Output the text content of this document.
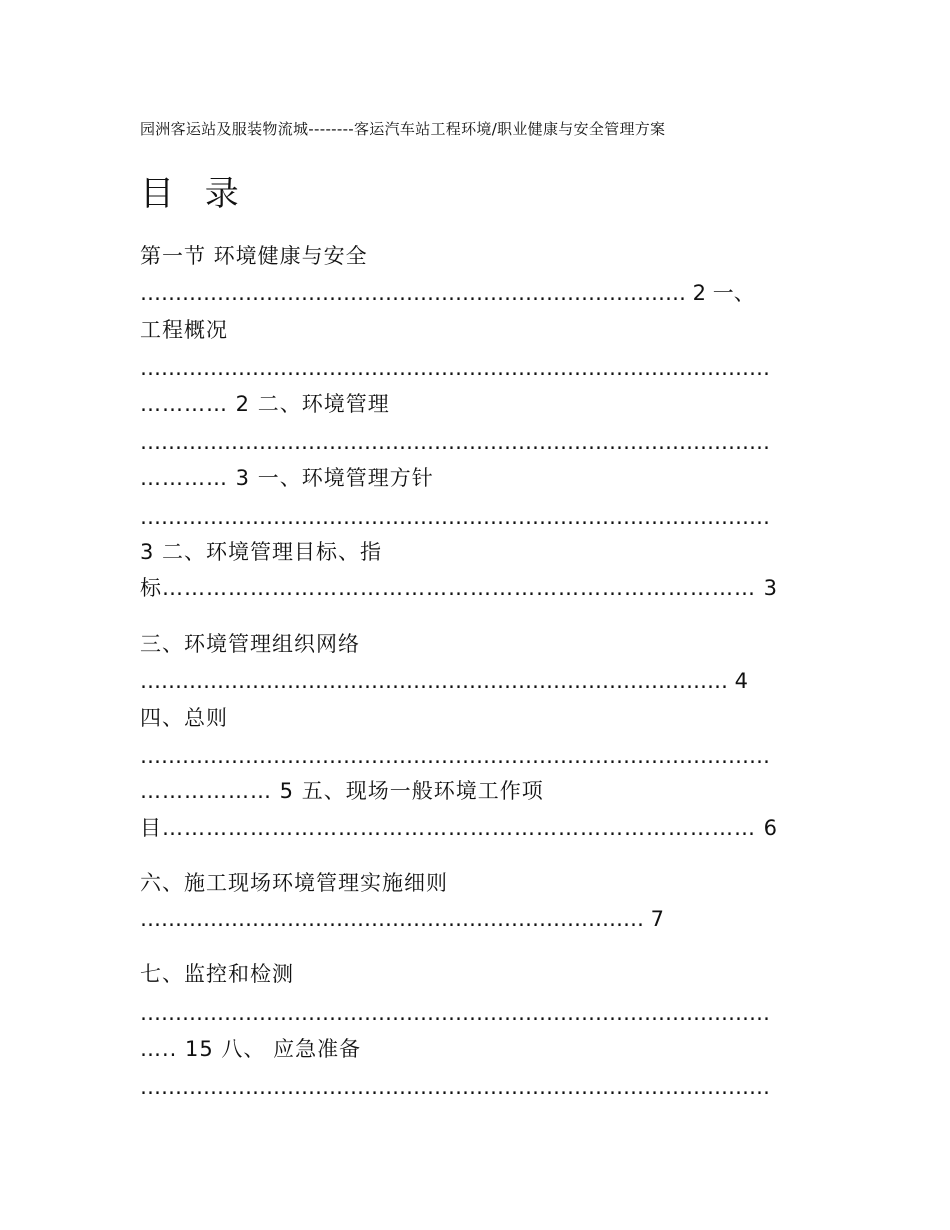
园洲客运站及服装物流城--------客运汽车站工程环境/职业健康与安全管理方案
目 录
第一节 环境健康与安全
…………………………………………………………………… 2 一、
工程概况
………………………………………………………………………………
………… 2 二、环境管理
………………………………………………………………………………
………… 3 一、环境管理方针
………………………………………………………………………………
3 二、环境管理目标、指
标……………………………………………………………………… 3
三、环境管理组织网络
………………………………………………………………………… 4
四、总则
………………………………………………………………………………
……………… 5 五、现场一般环境工作项
目……………………………………………………………………… 6
六、施工现场环境管理实施细则
……………………………………………………………… 7
七、监控和检测
………………………………………………………………………………
….. 15 八、 应急准备
………………………………………………………………………………
